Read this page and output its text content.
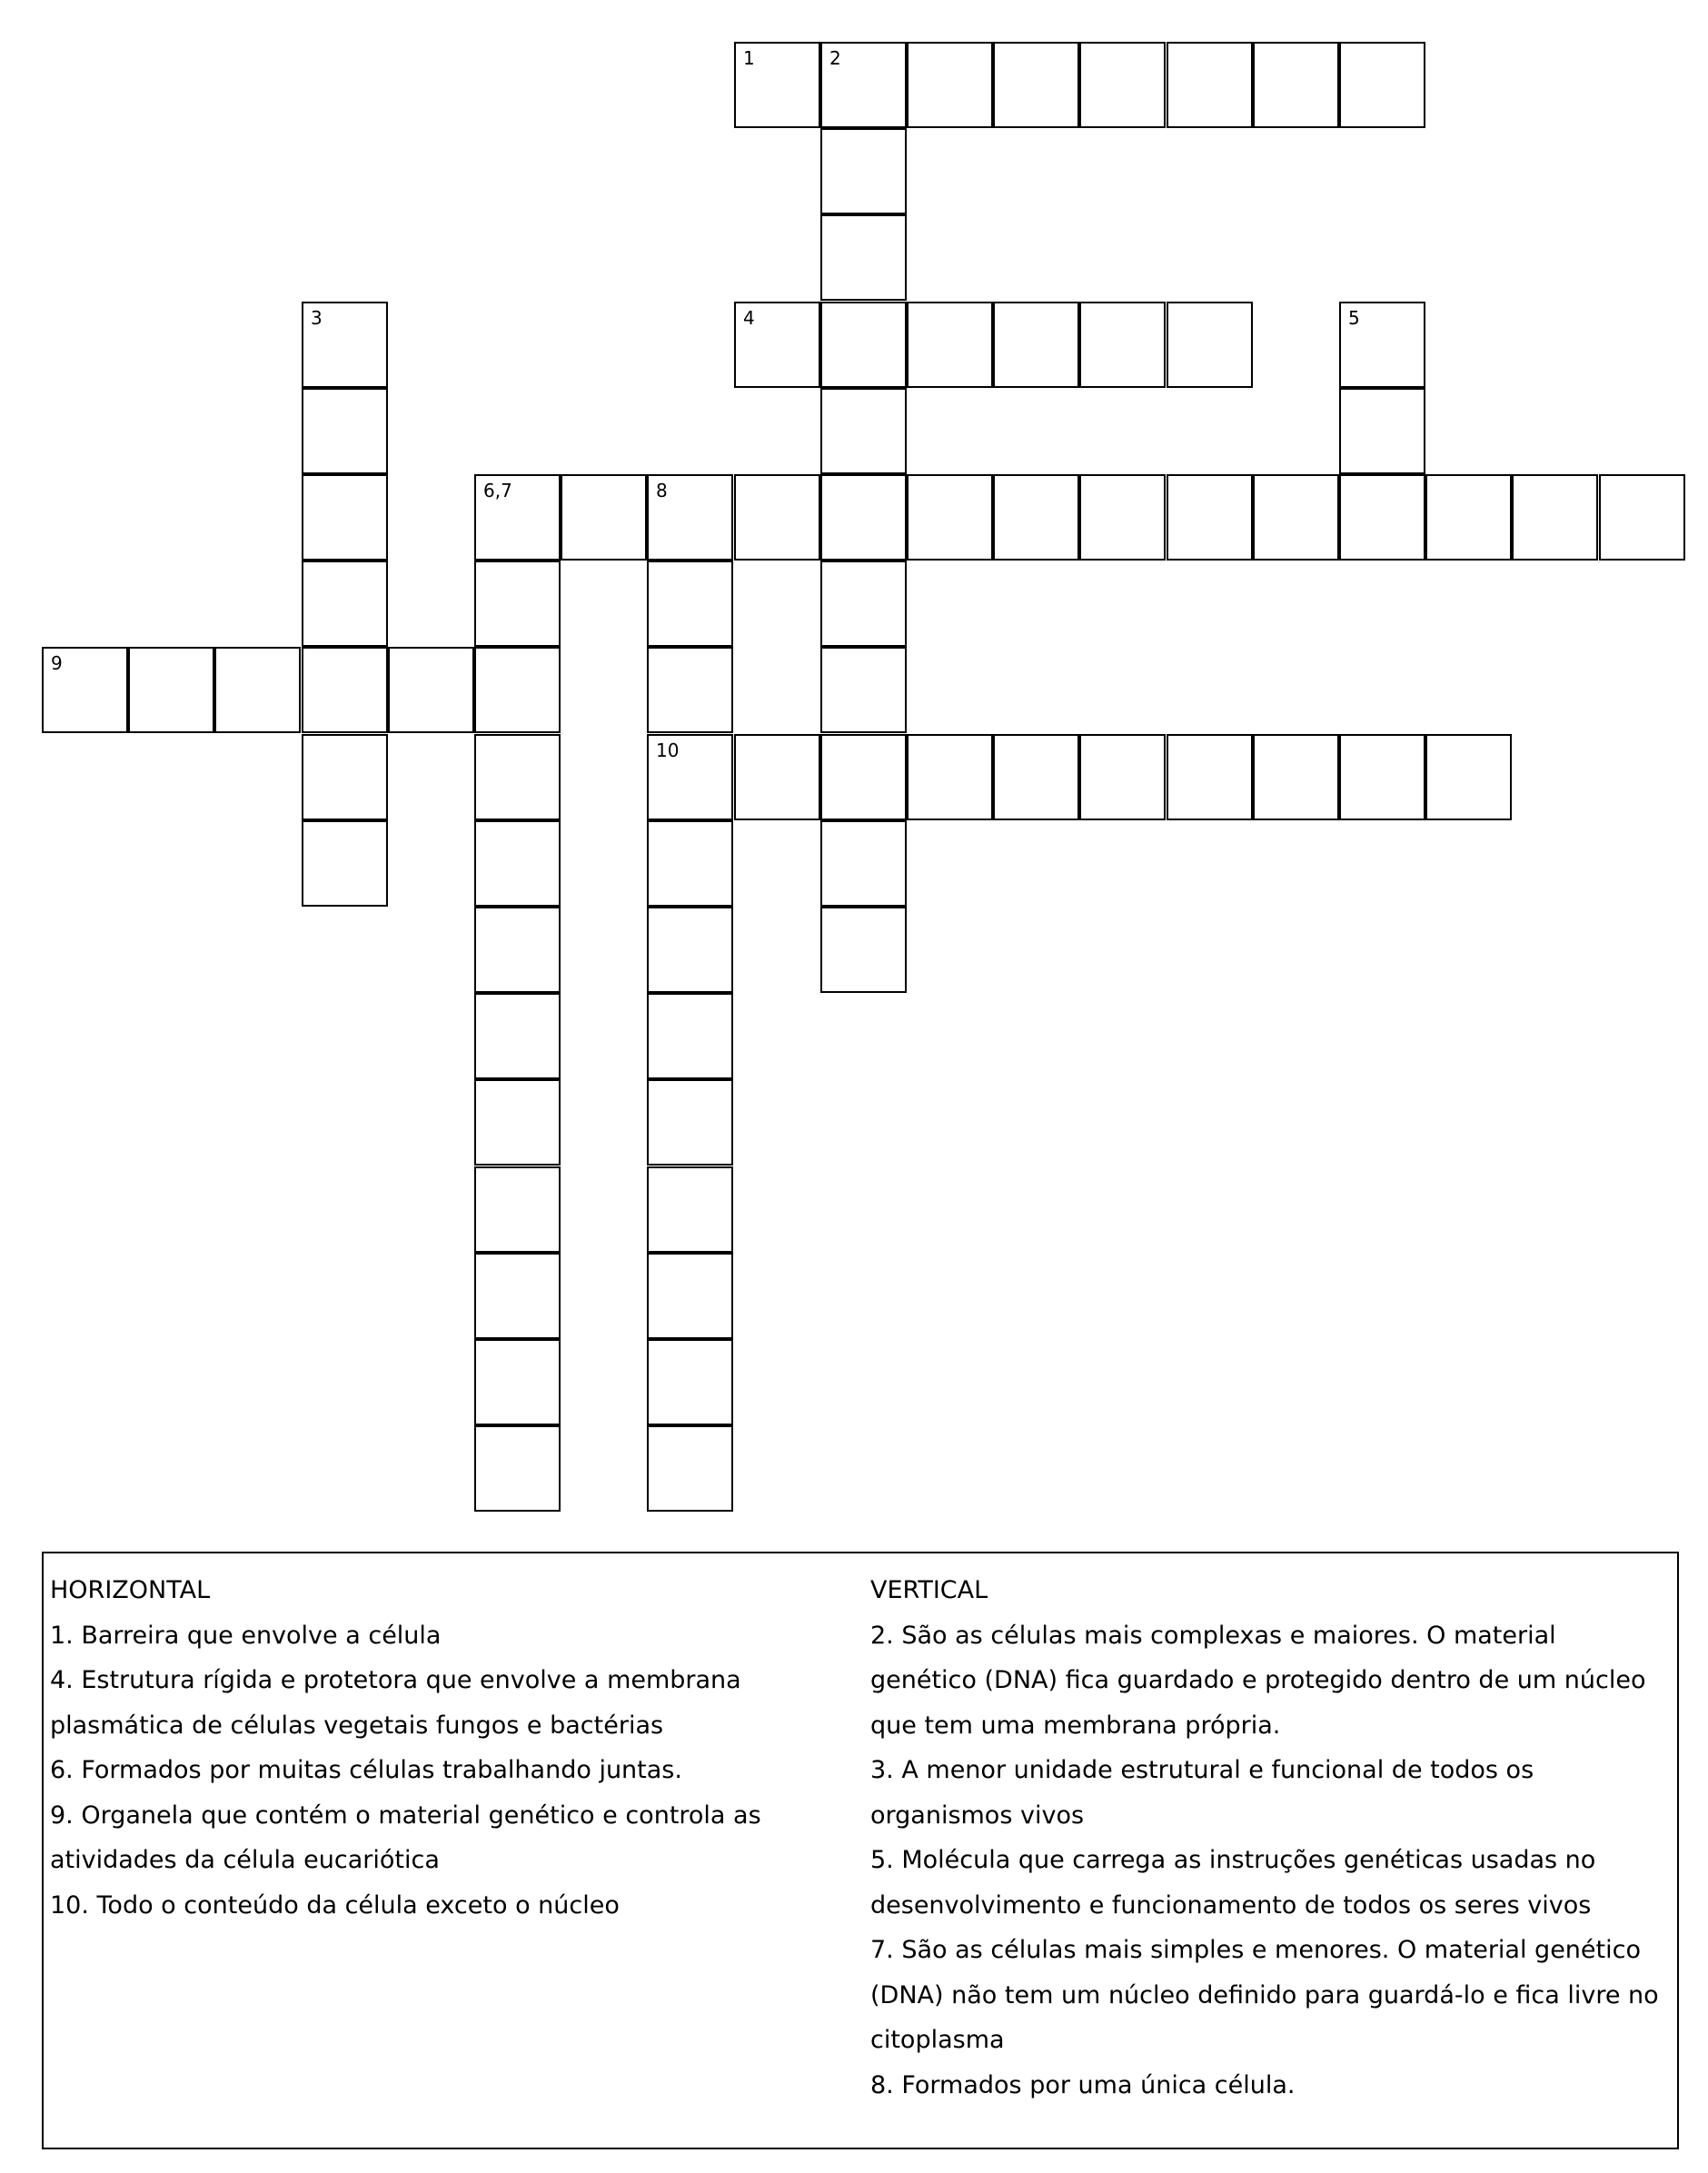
1	2
3	4	5
6,7	8
10
9

HORIZONTAL

1. Barreira que envolve a célula

4. Estrutura rígida e protetora que envolve a membrana plasmática de células vegetais fungos e bactérias

6. Formados por muitas células trabalhando juntas.

9. Organela que contém o material genético e controla as atividades da célula eucariótica

10. Todo o conteúdo da célula exceto o núcleo

VERTICAL

2. São as células mais complexas e maiores. O material genético (DNA) fica guardado e protegido dentro de um núcleo que tem uma membrana própria.

3. A menor unidade estrutural e funcional de todos os organismos vivos

5. Molécula que carrega as instruções genéticas usadas no desenvolvimento e funcionamento de todos os seres vivos

7. São as células mais simples e menores. O material genético (DNA) não tem um núcleo definido para guardá-lo e fica livre no citoplasma

8. Formados por uma única célula.
